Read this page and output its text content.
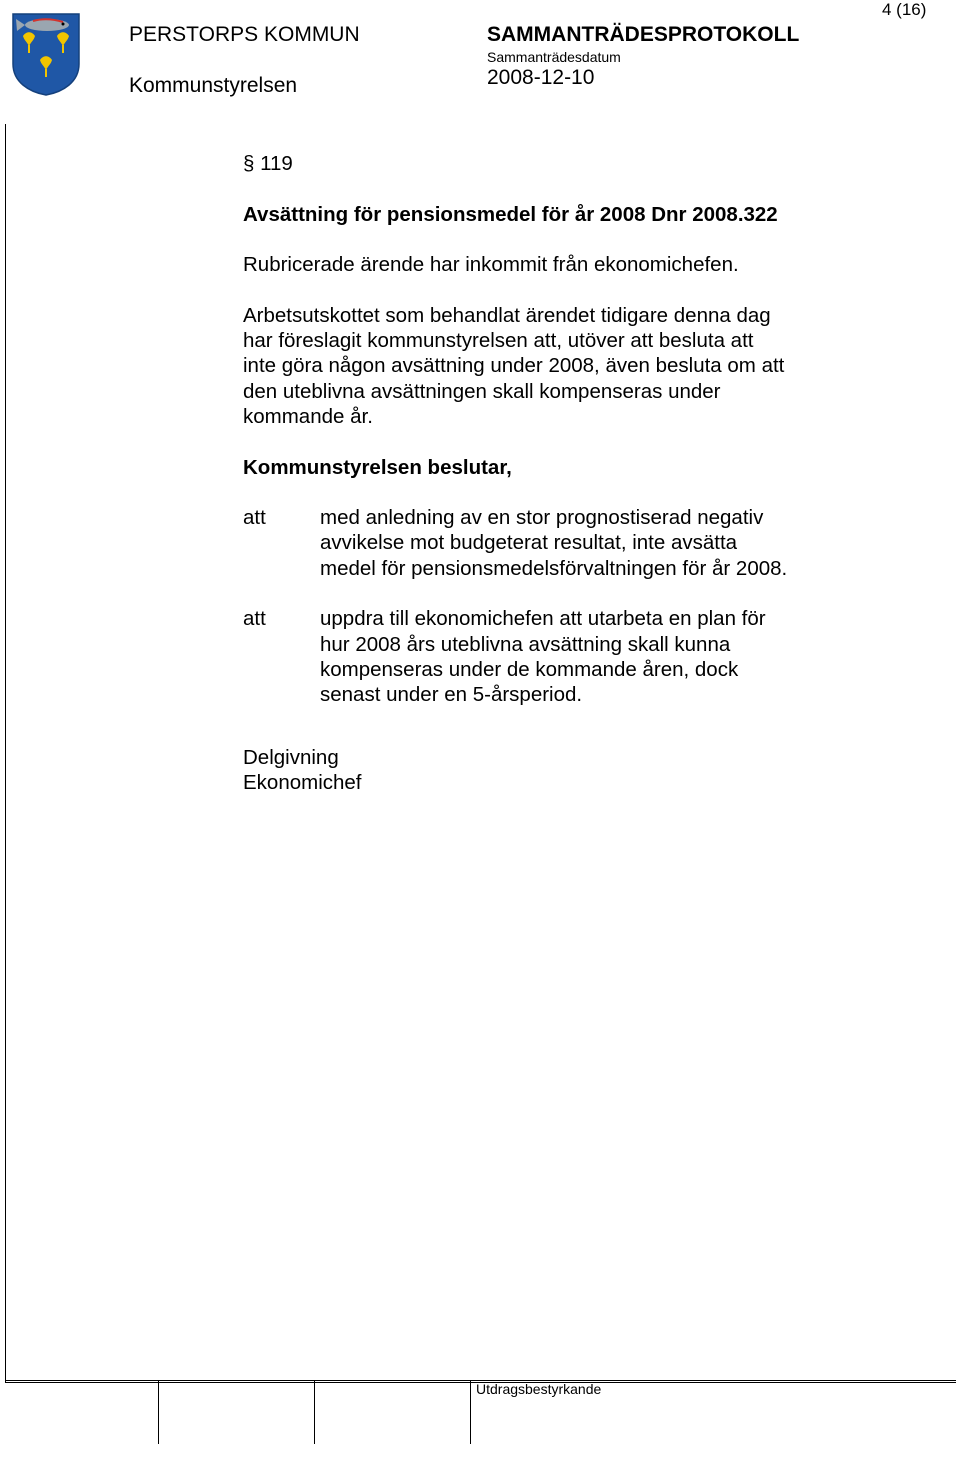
4 (16)
PERSTORPS KOMMUN
Kommunstyrelsen
SAMMANTRÄDESPROTOKOLL
Sammanträdesdatum
2008-12-10

§ 119

Avsättning för pensionsmedel för år 2008 Dnr 2008.322

Rubricerade ärende har inkommit från ekonomichefen.

Arbetsutskottet som behandlat ärendet tidigare denna dag
har föreslagit kommunstyrelsen att, utöver att besluta att
inte göra någon avsättning under 2008, även besluta om att
den uteblivna avsättningen skall kompenseras under
kommande år.

Kommunstyrelsen beslutar,

att	med anledning av en stor prognostiserad negativ
avvikelse mot budgeterat resultat, inte avsätta
medel för pensionsmedelsförvaltningen för år 2008.
att	uppdra till ekonomichefen att utarbeta en plan för
hur 2008 års uteblivna avsättning skall kunna
kompenseras under de kommande åren, dock
senast under en 5-årsperiod.
Delgivning
Ekonomichef
Utdragsbestyrkande
